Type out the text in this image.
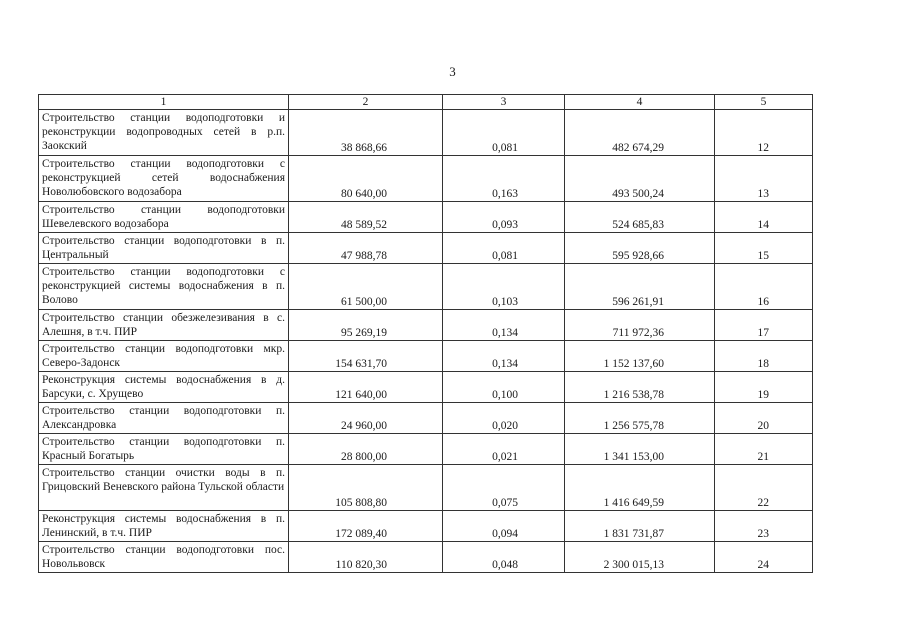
3
1	2	3	4	5
Строительство станции водоподготовки и реконструкции водопроводных сетей в р.п. Заокский	38 868,66	0,081	482 674,29	12
Строительство станции водоподготовки с реконструкцией сетей водоснабжения Новолюбовского водозабора	80 640,00	0,163	493 500,24	13
Строительство станции водоподготовки Шевелевского водозабора	48 589,52	0,093	524 685,83	14
Строительство станции водоподготовки в п. Центральный	47 988,78	0,081	595 928,66	15
Строительство станции водоподготовки с реконструкцией системы водоснабжения в п. Волово	61 500,00	0,103	596 261,91	16
Строительство станции обезжелезивания в с. Алешня, в т.ч. ПИР	95 269,19	0,134	711 972,36	17
Строительство станции водоподготовки мкр. Северо-Задонск	154 631,70	0,134	1 152 137,60	18
Реконструкция системы водоснабжения в д. Барсуки, с. Хрущево	121 640,00	0,100	1 216 538,78	19
Строительство станции водоподготовки п. Александровка	24 960,00	0,020	1 256 575,78	20
Строительство станции водоподготовки п. Красный Богатырь	28 800,00	0,021	1 341 153,00	21
Строительство станции очистки воды в п. Грицовский Веневского района Тульской области	105 808,80	0,075	1 416 649,59	22
Реконструкция системы водоснабжения в п. Ленинский, в т.ч. ПИР	172 089,40	0,094	1 831 731,87	23
Строительство станции водоподготовки пос. Новольвовск	110 820,30	0,048	2 300 015,13	24
